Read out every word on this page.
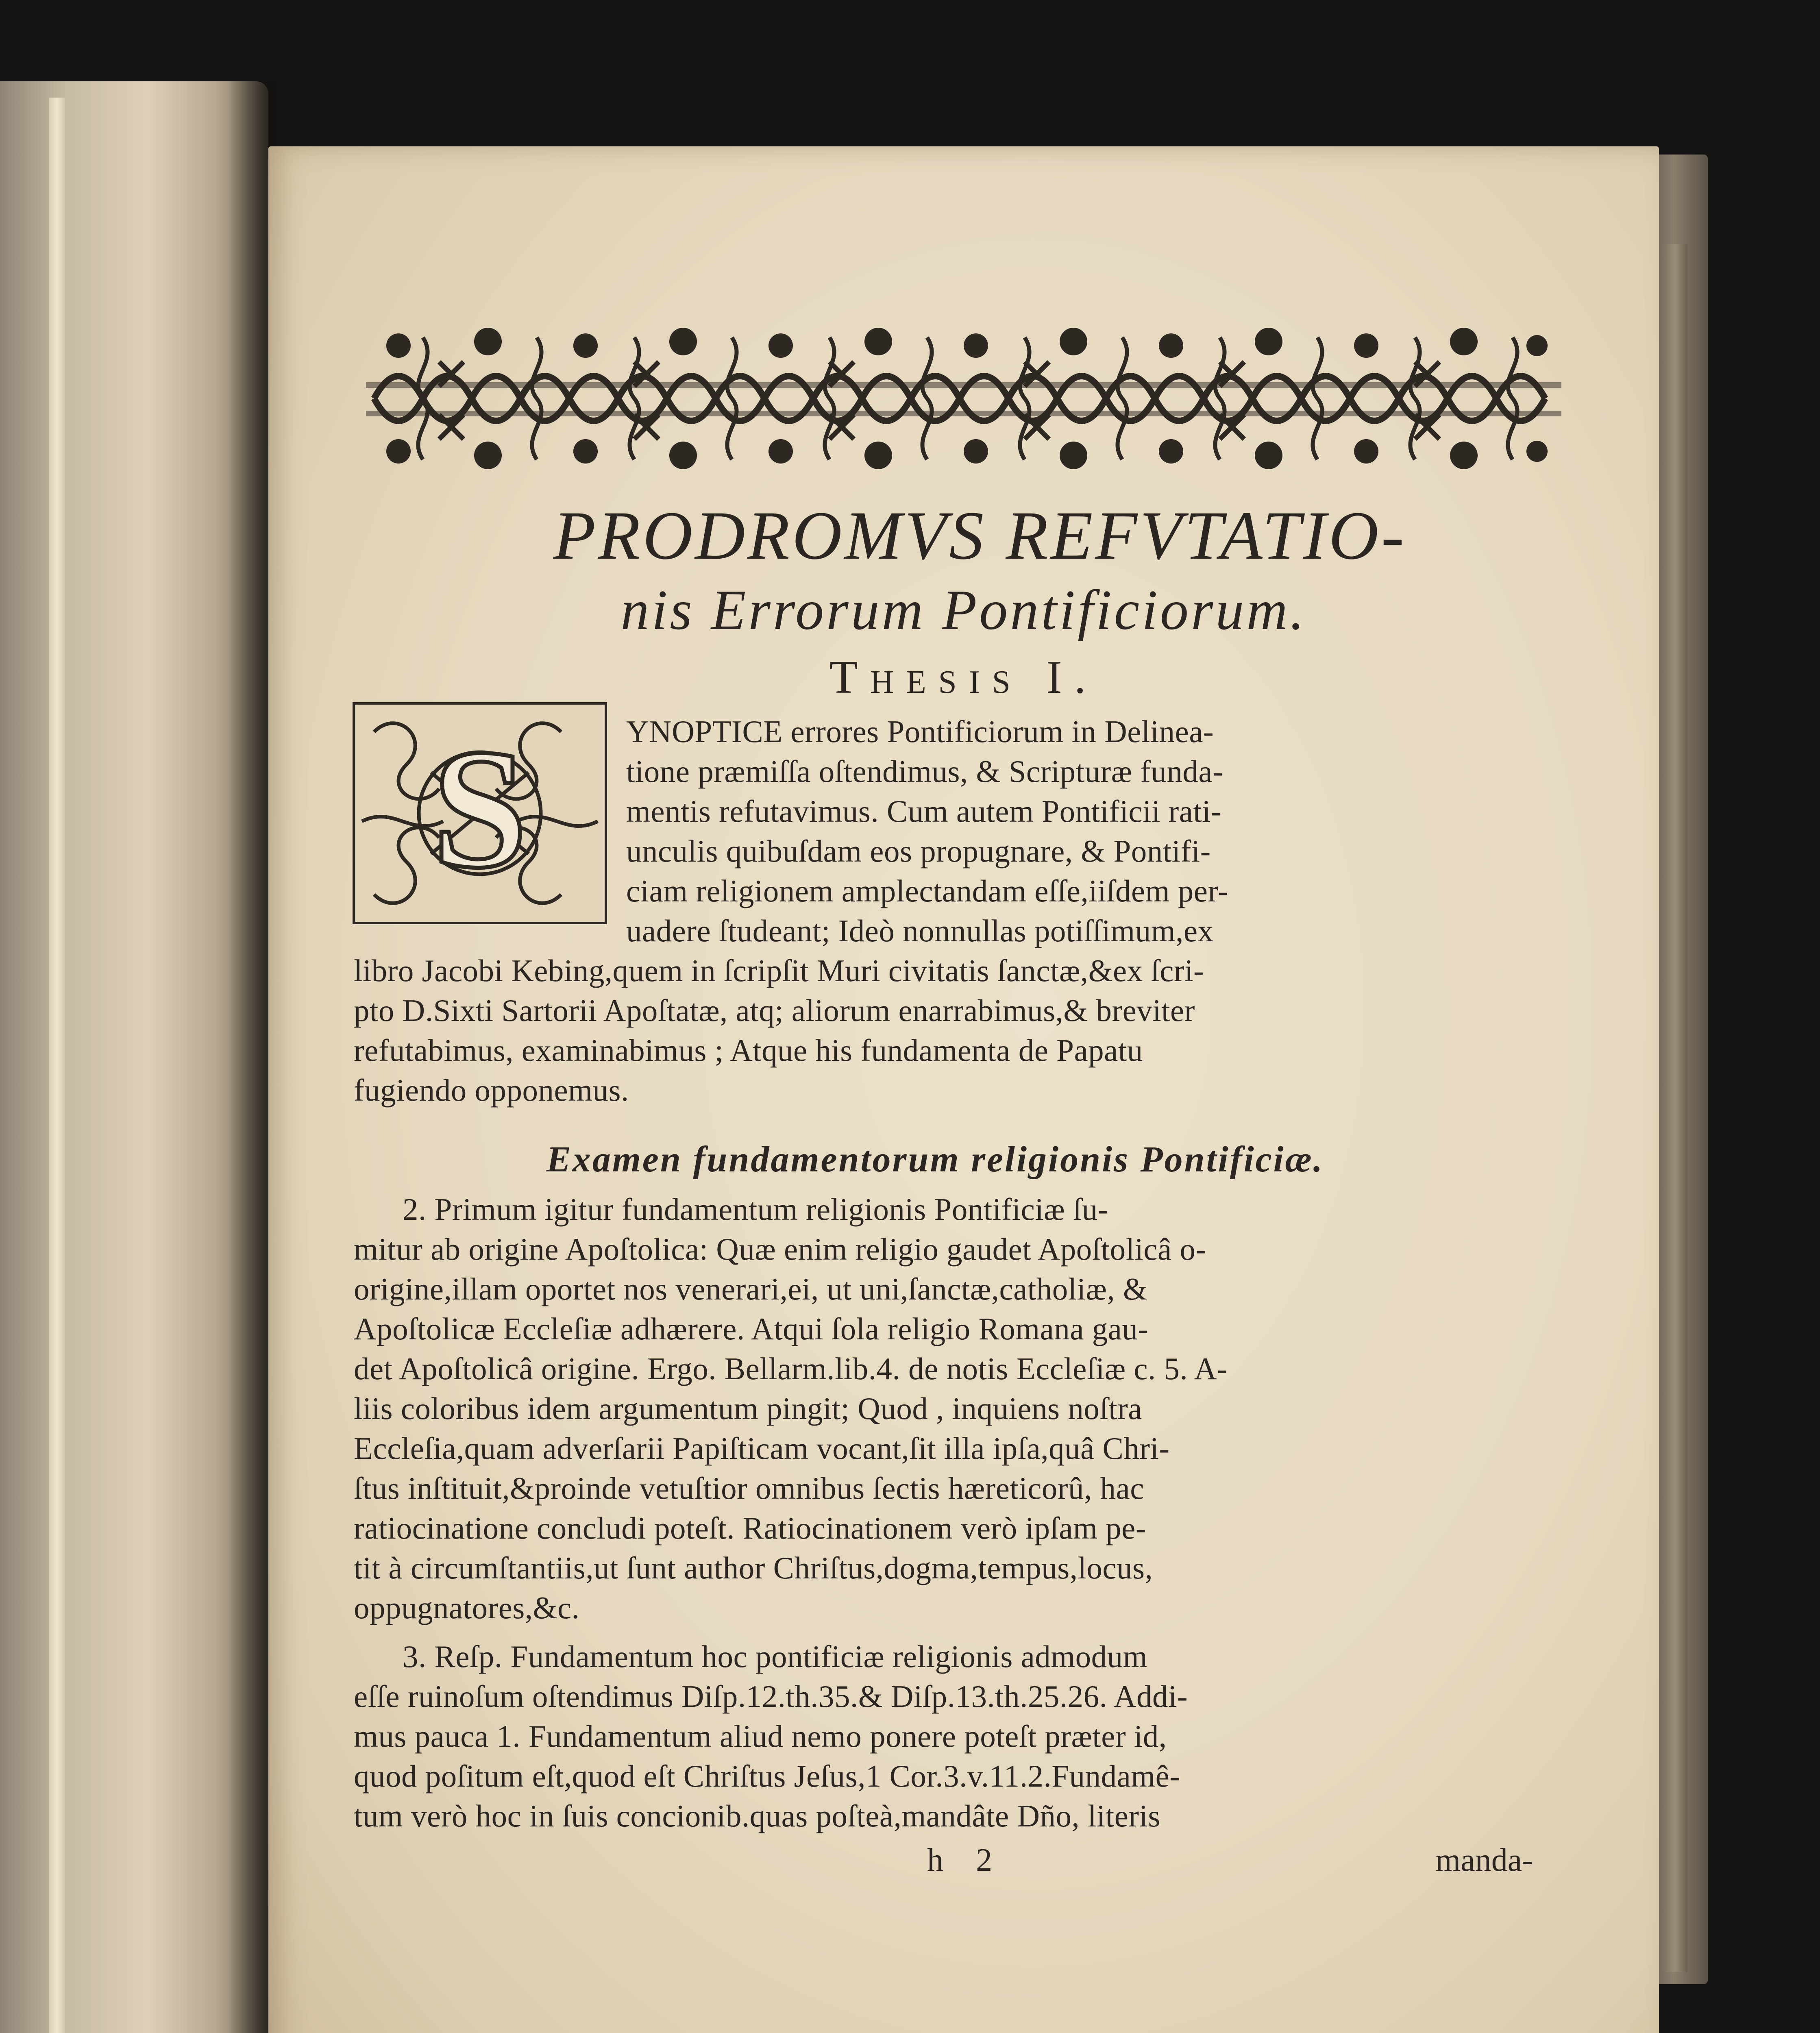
PRODROMVS REFVTATIO-
nis Errorum Pontificiorum.
Thesis I.
S	YNOPTICE errores Pontificiorum in Delinea-
tione præmiſſa oſtendimus, & Scripturæ funda-
mentis refutavimus. Cum autem Pontificii rati-
unculis quibuſdam eos propugnare, & Pontifi-
ciam religionem amplectandam eſſe,iiſdem per-
uadere ſtudeant; Ideò nonnullas potiſſimum,ex
libro Jacobi Kebing,quem in ſcripſit Muri civitatis ſanctæ,&ex ſcri-
pto D.Sixti Sartorii Apoſtatæ, atq; aliorum enarrabimus,& breviter
refutabimus, examinabimus ; Atque his fundamenta de Papatu
fugiendo opponemus.
Examen fundamentorum religionis Pontificiæ.
2. Primum igitur fundamentum religionis Pontificiæ ſu-
mitur ab origine Apoſtolica: Quæ enim religio gaudet Apoſtolicâ o-
origine,illam oportet nos venerari,ei, ut uni,ſanctæ,catholiæ, &
Apoſtolicæ Eccleſiæ adhærere. Atqui ſola religio Romana gau-
det Apoſtolicâ origine. Ergo. Bellarm.lib.4. de notis Eccleſiæ c. 5. A-
liis coloribus idem argumentum pingit; Quod , inquiens noſtra
Eccleſia,quam adverſarii Papiſticam vocant,ſit illa ipſa,quâ Chri-
ſtus inſtituit,&proinde vetuſtior omnibus ſectis hæreticorû, hac
ratiocinatione concludi poteſt. Ratiocinationem verò ipſam pe-
tit à circumſtantiis,ut ſunt author Chriſtus,dogma,tempus,locus,
oppugnatores,&c.
3. Reſp. Fundamentum hoc pontificiæ religionis admodum
eſſe ruinoſum oſtendimus Diſp.12.th.35.& Diſp.13.th.25.26. Addi-
mus pauca 1. Fundamentum aliud nemo ponere poteſt præter id,
quod poſitum eſt,quod eſt Chriſtus Jeſus,1 Cor.3.v.11.2.Fundamê-
tum verò hoc in ſuis concionib.quas poſteà,mandâte Dño, literis
h 2	manda-
